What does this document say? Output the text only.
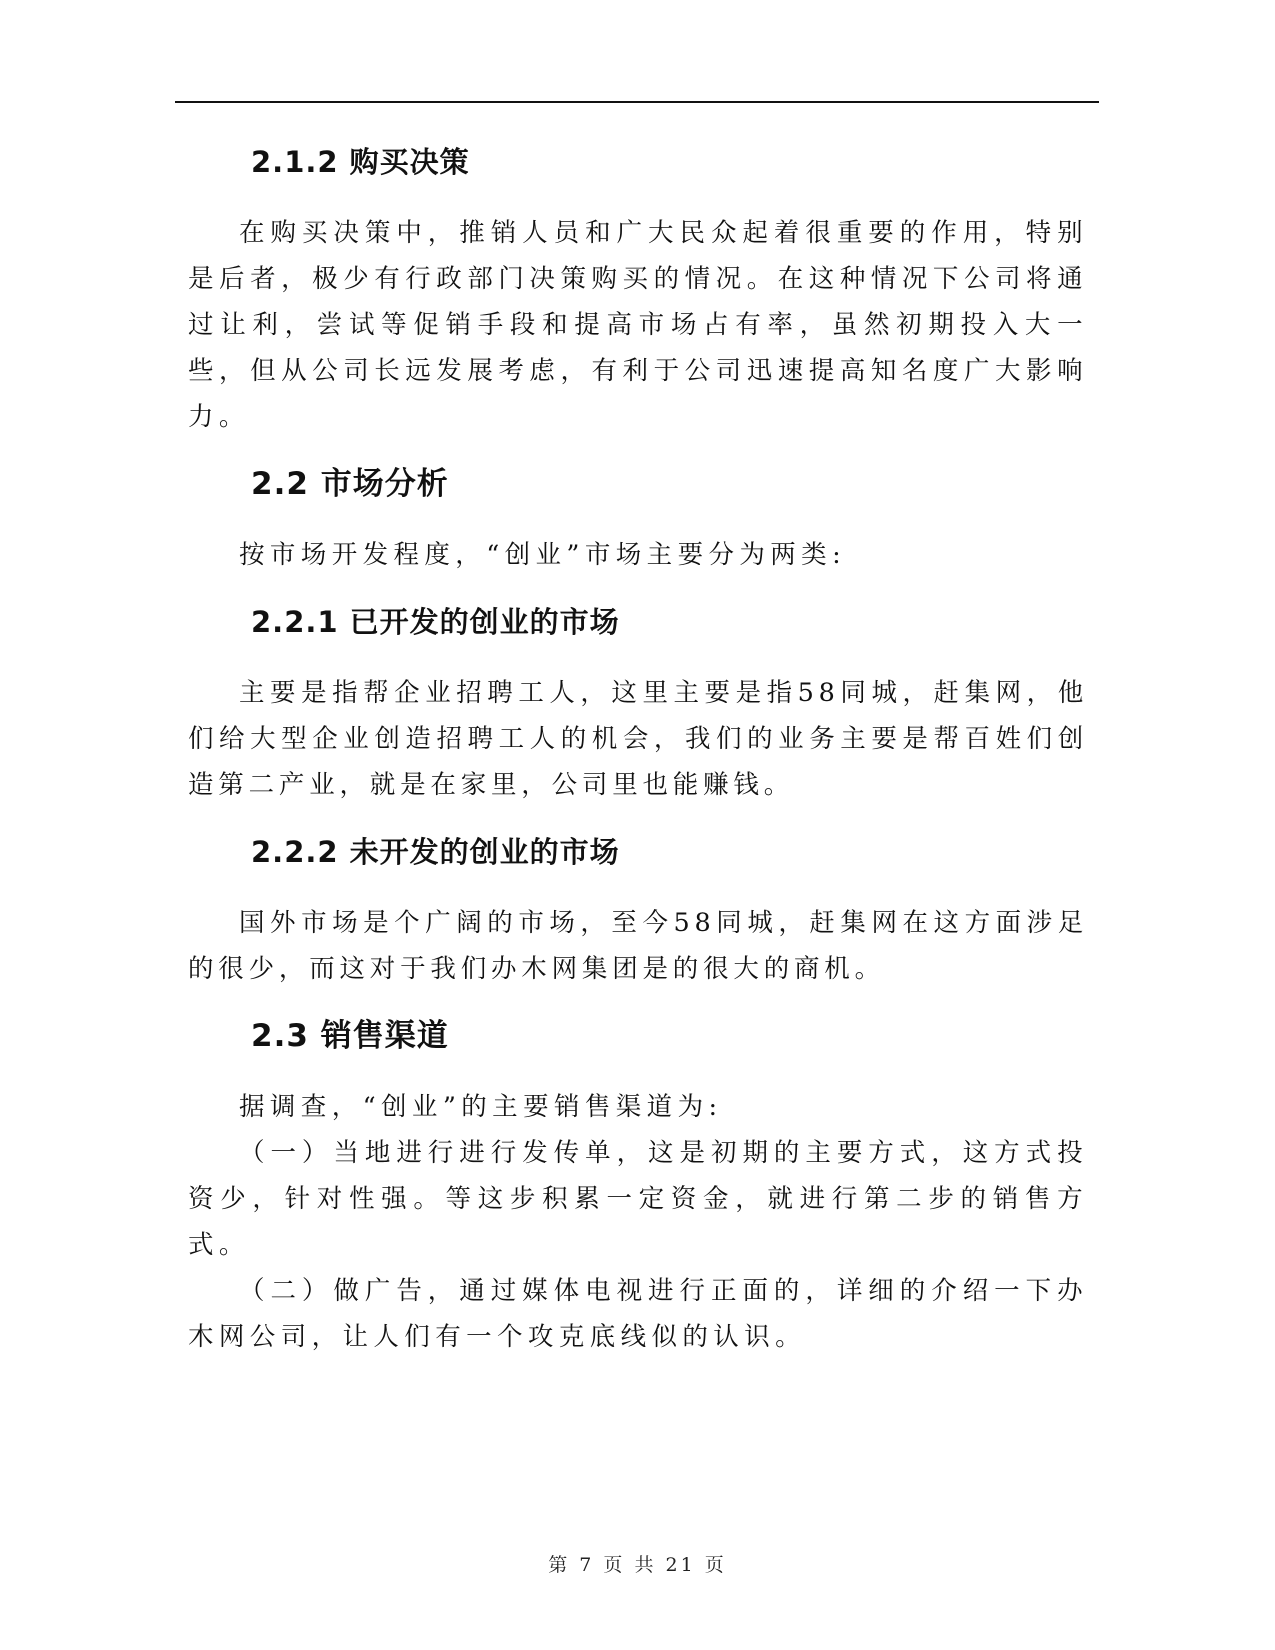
2.1.2 购买决策

在购买决策中，推销人员和广大民众起着很重要的作用，特别是后者，极少有行政部门决策购买的情况。在这种情况下公司将通过让利，尝试等促销手段和提高市场占有率，虽然初期投入大一些，但从公司长远发展考虑，有利于公司迅速提高知名度广大影响力。

2.2 市场分析

按市场开发程度，“创业”市场主要分为两类:

2.2.1 已开发的创业的市场

主要是指帮企业招聘工人，这里主要是指58同城，赶集网，他们给大型企业创造招聘工人的机会，我们的业务主要是帮百姓们创造第二产业，就是在家里，公司里也能赚钱。

2.2.2 未开发的创业的市场

国外市场是个广阔的市场，至今58同城，赶集网在这方面涉足的很少，而这对于我们办木网集团是的很大的商机。

2.3 销售渠道

据调查，“创业”的主要销售渠道为:

（一）当地进行进行发传单，这是初期的主要方式，这方式投资少，针对性强。等这步积累一定资金，就进行第二步的销售方式。

（二）做广告，通过媒体电视进行正面的，详细的介绍一下办木网公司，让人们有一个攻克底线似的认识。

第 7 页 共 21 页
